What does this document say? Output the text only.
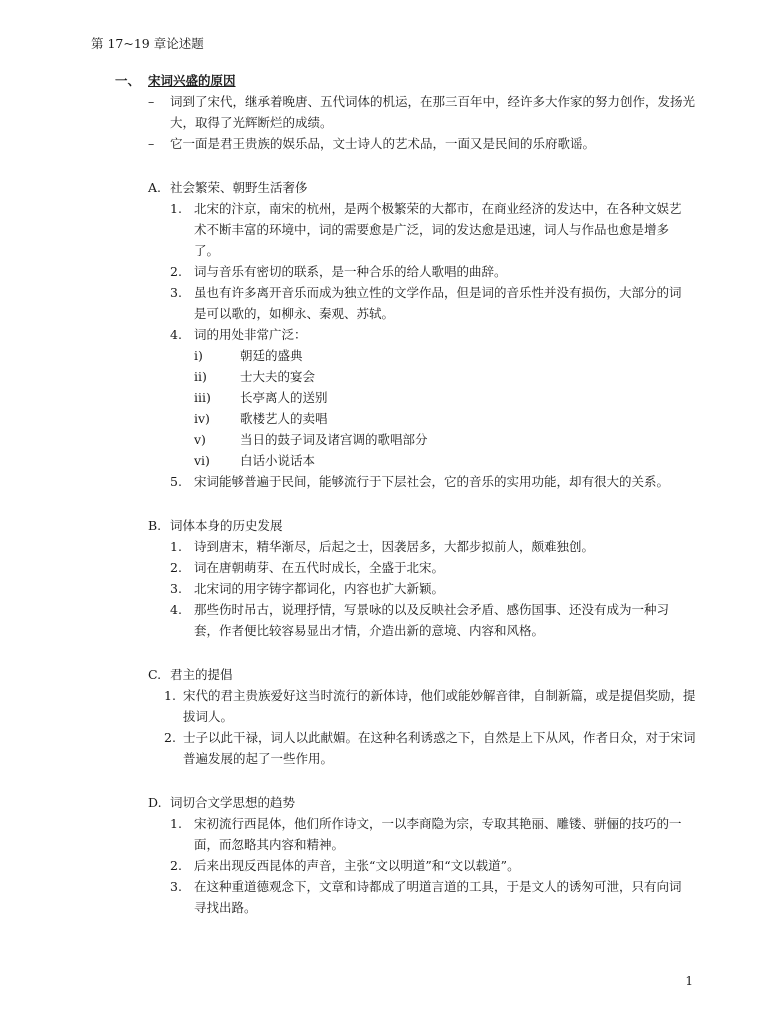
第 17~19 章论述题
一、 宋词兴盛的原因
– 词到了宋代，继承着晚唐、五代词体的机运，在那三百年中，经许多大作家的努力创作，发扬光大，取得了光辉断烂的成绩。
– 它一面是君王贵族的娱乐品，文士诗人的艺术品，一面又是民间的乐府歌谣。
A. 社会繁荣、朝野生活奢侈
1. 北宋的汴京，南宋的杭州，是两个极繁荣的大都市，在商业经济的发达中，在各种文娱艺术不断丰富的环境中，词的需要愈是广泛，词的发达愈是迅速，词人与作品也愈是增多了。
2. 词与音乐有密切的联系，是一种合乐的给人歌唱的曲辞。
3. 虽也有许多离开音乐而成为独立性的文学作品，但是词的音乐性并没有损伤，大部分的词是可以歌的，如柳永、秦观、苏轼。
4. 词的用处非常广泛：
i)	朝廷的盛典
ii)	士大夫的宴会
iii) 长亭离人的送别
iv) 歌楼艺人的卖唱
v)	当日的鼓子词及诸宫调的歌唱部分
vi) 白话小说话本
5. 宋词能够普遍于民间，能够流行于下层社会，它的音乐的实用功能，却有很大的关系。
B. 词体本身的历史发展
1. 诗到唐末，精华渐尽，后起之士，因袭居多，大都步拟前人，颇难独创。
2. 词在唐朝萌芽、在五代时成长，全盛于北宋。
3. 北宋词的用字铸字都词化，内容也扩大新颖。
4. 那些伤时吊古，说理抒情，写景咏的以及反映社会矛盾、感伤国事、还没有成为一种习套，作者便比较容易显出才情，介造出新的意境、内容和风格。
C. 君主的提倡
1. 宋代的君主贵族爱好这当时流行的新体诗，他们或能妙解音律，自制新篇，或是提倡奖励，提拔词人。
2. 士子以此干禄，词人以此献媚。在这种名利诱惑之下，自然是上下从风，作者日众，对于宋词普遍发展的起了一些作用。
D. 词切合文学思想的趋势
1. 宋初流行西昆体，他们所作诗文，一以李商隐为宗，专取其艳丽、雕镂、骈俪的技巧的一面，而忽略其内容和精神。
2. 后来出现反西昆体的声音，主张“文以明道”和“文以载道”。
3. 在这种重道德观念下，文章和诗都成了明道言道的工具，于是文人的诱匆可泄，只有向词寻找出路。
1
